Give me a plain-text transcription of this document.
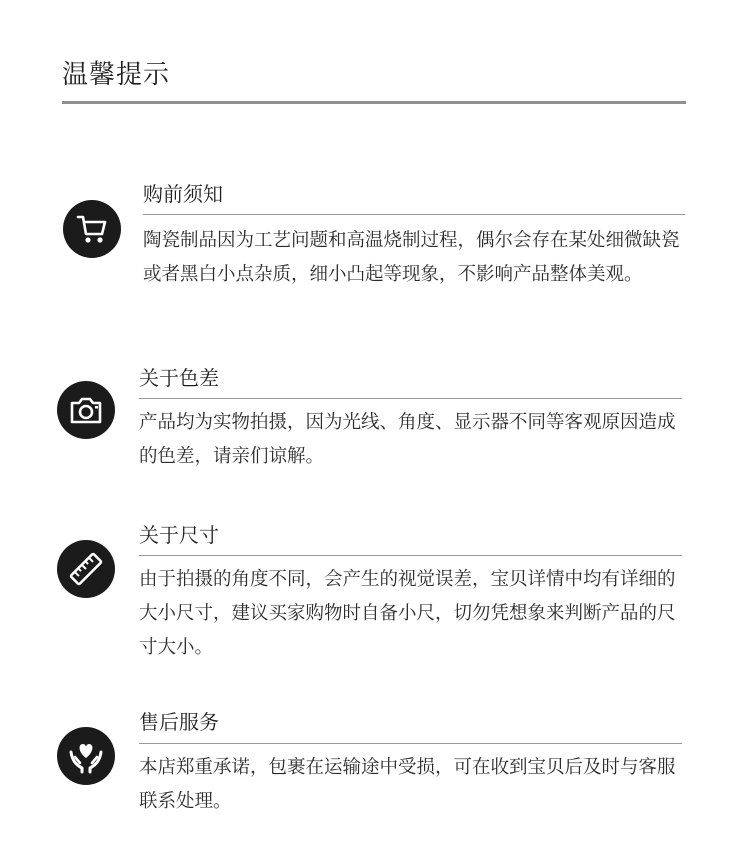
温馨提示
购前须知

陶瓷制品因为工艺问题和高温烧制过程，偶尔会存在某处细微缺瓷或者黑白小点杂质，细小凸起等现象，不影响产品整体美观。

关于色差

产品均为实物拍摄，因为光线、角度、显示器不同等客观原因造成的色差，请亲们谅解。

关于尺寸

由于拍摄的角度不同，会产生的视觉误差，宝贝详情中均有详细的大小尺寸，建议买家购物时自备小尺，切勿凭想象来判断产品的尺寸大小。

售后服务

本店郑重承诺，包裹在运输途中受损，可在收到宝贝后及时与客服联系处理。
